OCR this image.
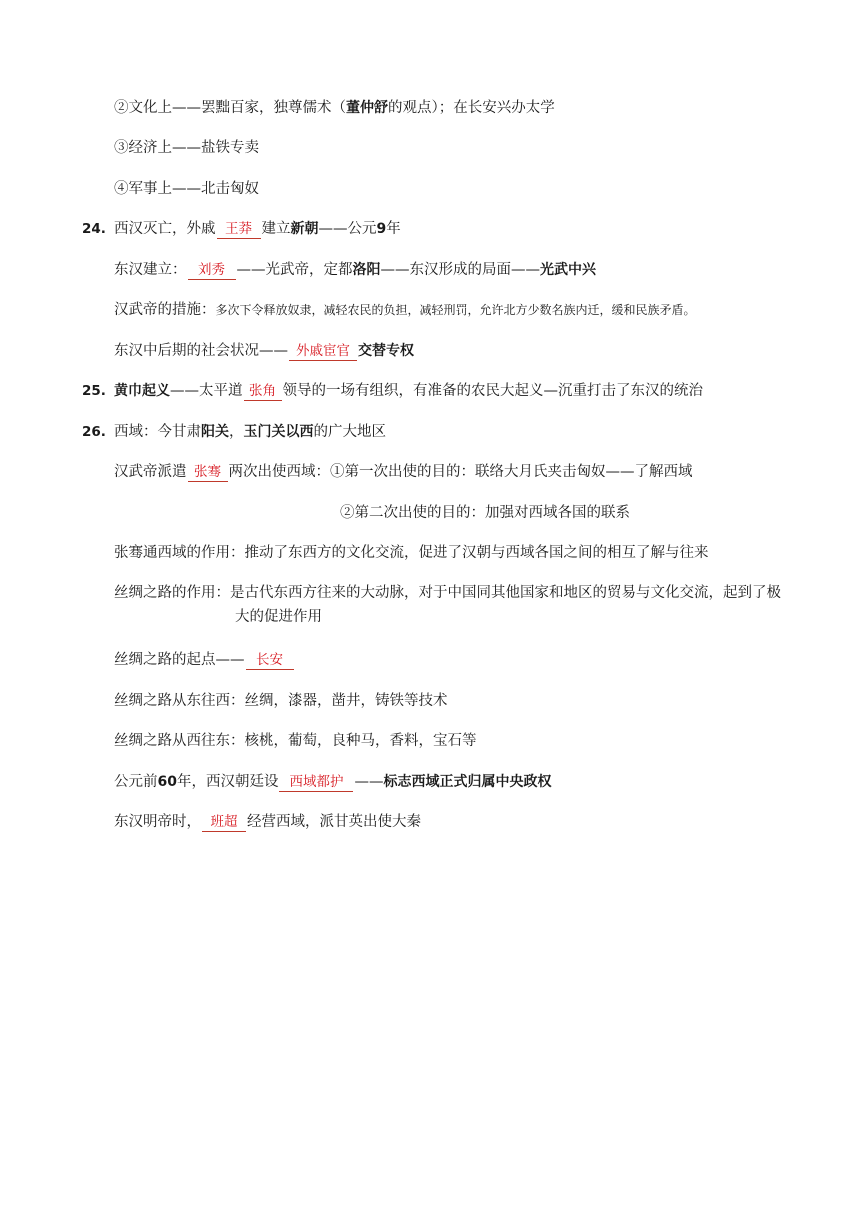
②文化上——罢黜百家，独尊儒术（董仲舒的观点）；在长安兴办太学
③经济上——盐铁专卖
④军事上——北击匈奴
24. 西汉灭亡，外戚 王莽 建立新朝——公元9年
东汉建立： 刘秀 ——光武帝，定都洛阳——东汉形成的局面——光武中兴
汉武帝的措施：多次下令释放奴隶，减轻农民的负担，减轻刑罚，允许北方少数名族内迁，缓和民族矛盾。
东汉中后期的社会状况—— 外戚宦官 交替专权
25. 黄巾起义——太平道 张角 领导的一场有组织，有准备的农民大起义—沉重打击了东汉的统治
26. 西域：今甘肃阳关，玉门关以西的广大地区
汉武帝派遣 张骞 两次出使西域：①第一次出使的目的：联络大月氏夹击匈奴——了解西域
②第二次出使的目的：加强对西域各国的联系
张骞通西域的作用：推动了东西方的文化交流，促进了汉朝与西域各国之间的相互了解与往来
丝绸之路的作用：是古代东西方往来的大动脉，对于中国同其他国家和地区的贸易与文化交流，起到了极大的促进作用
丝绸之路的起点—— 长安
丝绸之路从东往西：丝绸，漆器，凿井，铸铁等技术
丝绸之路从西往东：核桃，葡萄，良种马，香料，宝石等
公元前60年，西汉朝廷设 西域都护 ——标志西域正式归属中央政权
东汉明帝时， 班超 经营西域，派甘英出使大秦
